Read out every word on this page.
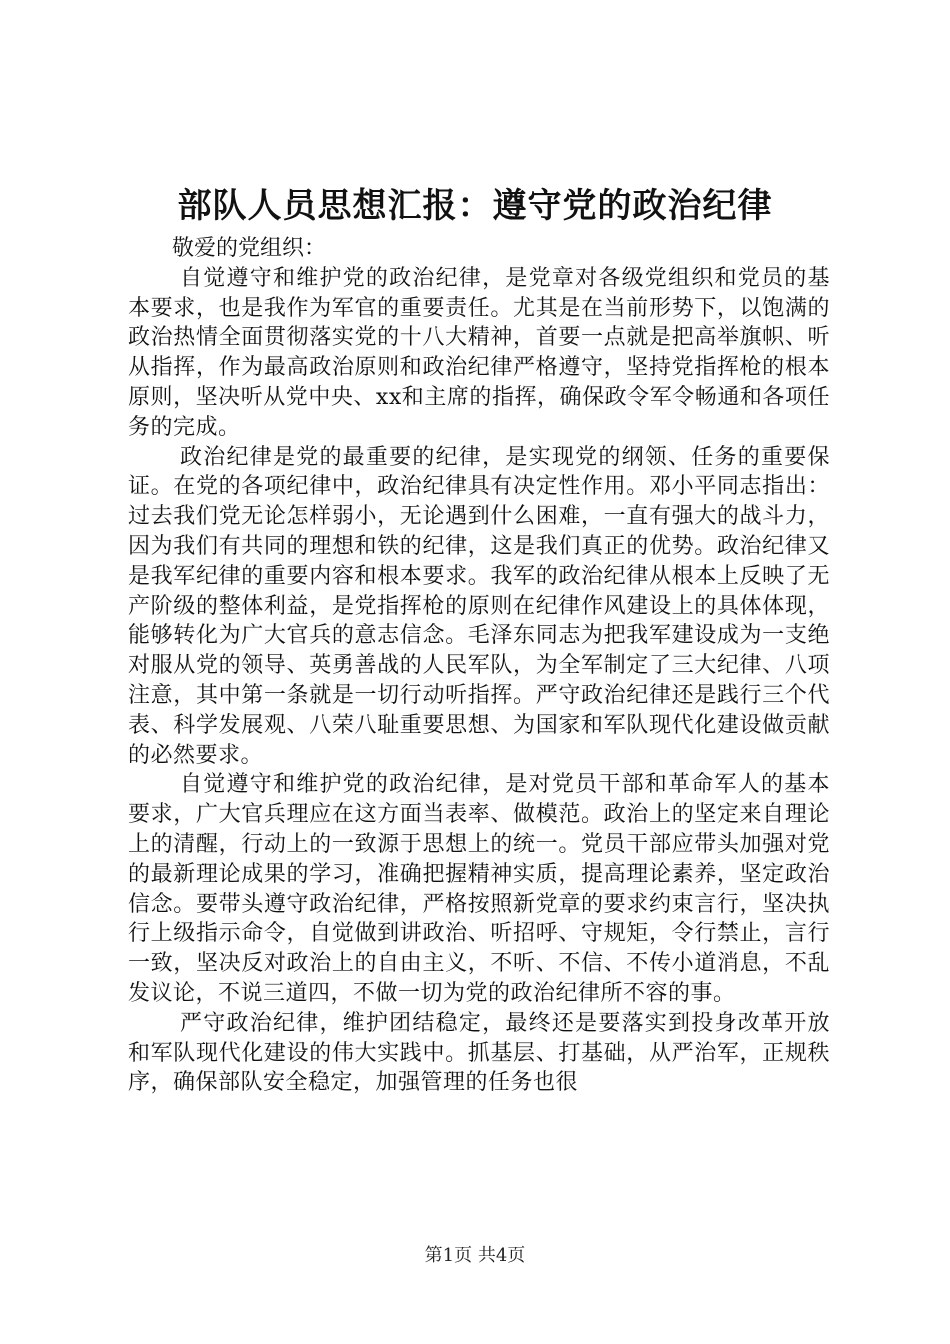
部队人员思想汇报：遵守党的政治纪律

敬爱的党组织：

自觉遵守和维护党的政治纪律，是党章对各级党组织和党员的基本要求，也是我作为军官的重要责任。尤其是在当前形势下，以饱满的政治热情全面贯彻落实党的十八大精神，首要一点就是把高举旗帜、听从指挥，作为最高政治原则和政治纪律严格遵守，坚持党指挥枪的根本原则，坚决听从党中央、xx和主席的指挥，确保政令军令畅通和各项任务的完成。

政治纪律是党的最重要的纪律，是实现党的纲领、任务的重要保证。在党的各项纪律中，政治纪律具有决定性作用。邓小平同志指出：过去我们党无论怎样弱小，无论遇到什么困难，一直有强大的战斗力，因为我们有共同的理想和铁的纪律，这是我们真正的优势。政治纪律又是我军纪律的重要内容和根本要求。我军的政治纪律从根本上反映了无产阶级的整体利益，是党指挥枪的原则在纪律作风建设上的具体体现，能够转化为广大官兵的意志信念。毛泽东同志为把我军建设成为一支绝对服从党的领导、英勇善战的人民军队，为全军制定了三大纪律、八项注意，其中第一条就是一切行动听指挥。严守政治纪律还是践行三个代表、科学发展观、八荣八耻重要思想、为国家和军队现代化建设做贡献的必然要求。

自觉遵守和维护党的政治纪律，是对党员干部和革命军人的基本要求，广大官兵理应在这方面当表率、做模范。政治上的坚定来自理论上的清醒，行动上的一致源于思想上的统一。党员干部应带头加强对党的最新理论成果的学习，准确把握精神实质，提高理论素养，坚定政治信念。要带头遵守政治纪律，严格按照新党章的要求约束言行，坚决执行上级指示命令，自觉做到讲政治、听招呼、守规矩，令行禁止，言行一致，坚决反对政治上的自由主义，不听、不信、不传小道消息，不乱发议论，不说三道四，不做一切为党的政治纪律所不容的事。

严守政治纪律，维护团结稳定，最终还是要落实到投身改革开放和军队现代化建设的伟大实践中。抓基层、打基础，从严治军，正规秩序，确保部队安全稳定，加强管理的任务也很

第1页 共4页
